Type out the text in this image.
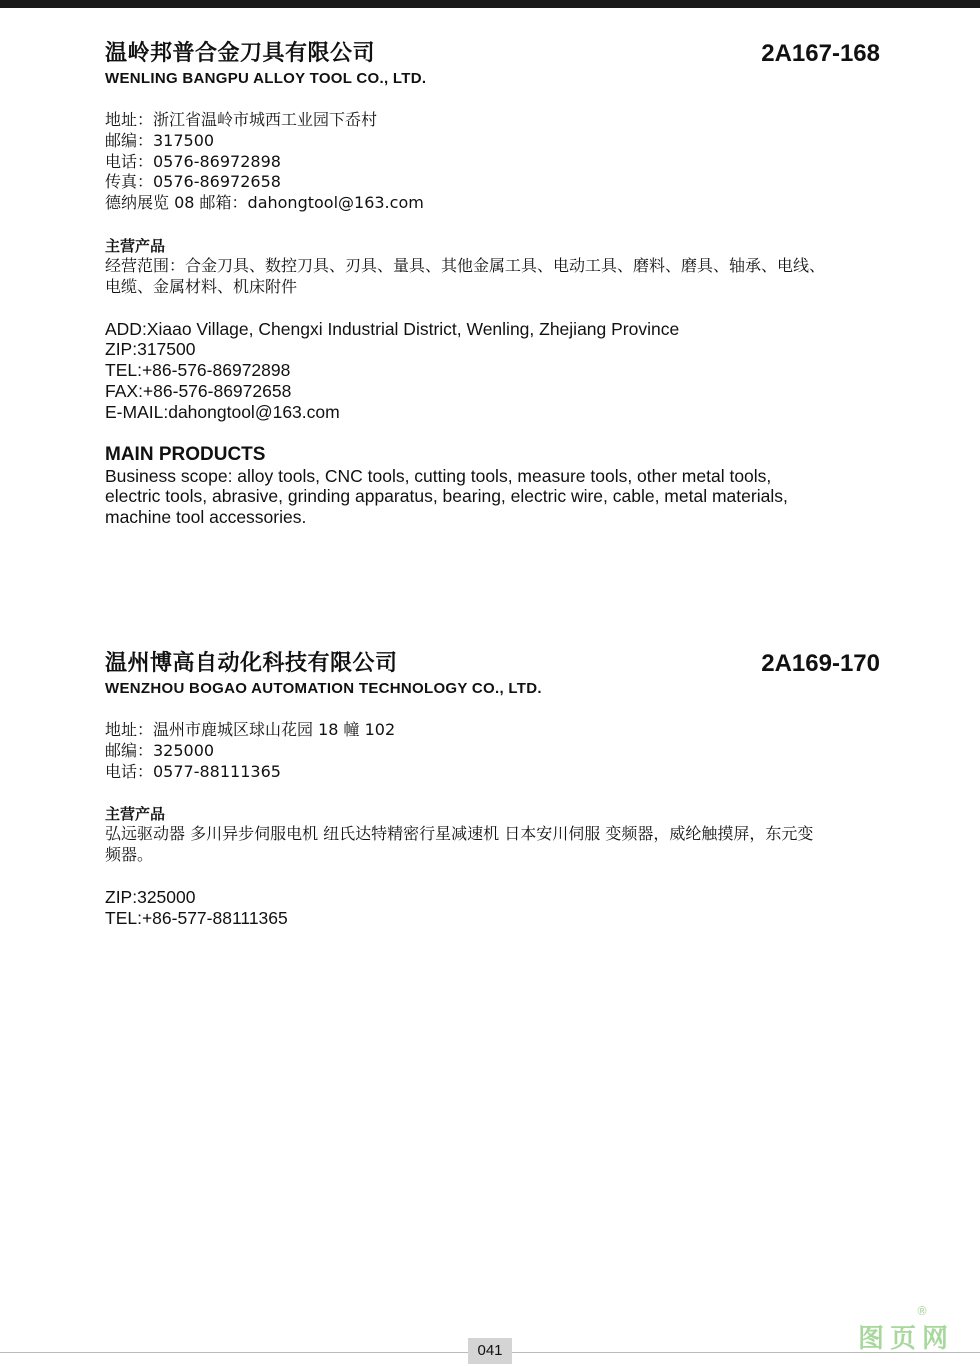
温岭邦普合金刀具有限公司	2A167-168
WENLING BANGPU ALLOY TOOL CO., LTD.
地址：浙江省温岭市城西工业园下岙村
邮编：317500
电话：0576-86972898
传真：0576-86972658
德纳展览 08 邮箱：dahongtool@163.com
主营产品
经营范围：合金刀具、数控刀具、刃具、量具、其他金属工具、电动工具、磨料、磨具、轴承、电线、
电缆、金属材料、机床附件
ADD:Xiaao Village, Chengxi Industrial District, Wenling, Zhejiang Province
ZIP:317500
TEL:+86-576-86972898
FAX:+86-576-86972658
E-MAIL:dahongtool@163.com
MAIN PRODUCTS
Business scope: alloy tools, CNC tools, cutting tools, measure tools, other metal tools,
electric tools, abrasive, grinding apparatus, bearing, electric wire, cable, metal materials,
machine tool accessories.
温州博高自动化科技有限公司	2A169-170
WENZHOU BOGAO AUTOMATION TECHNOLOGY CO., LTD.
地址：温州市鹿城区球山花园 18 幢 102
邮编：325000
电话：0577-88111365
主营产品
弘远驱动器 多川异步伺服电机 纽氏达特精密行星减速机 日本安川伺服 变频器，威纶触摸屏，东元变
频器。
ZIP:325000
TEL:+86-577-88111365
041
®
图页网
